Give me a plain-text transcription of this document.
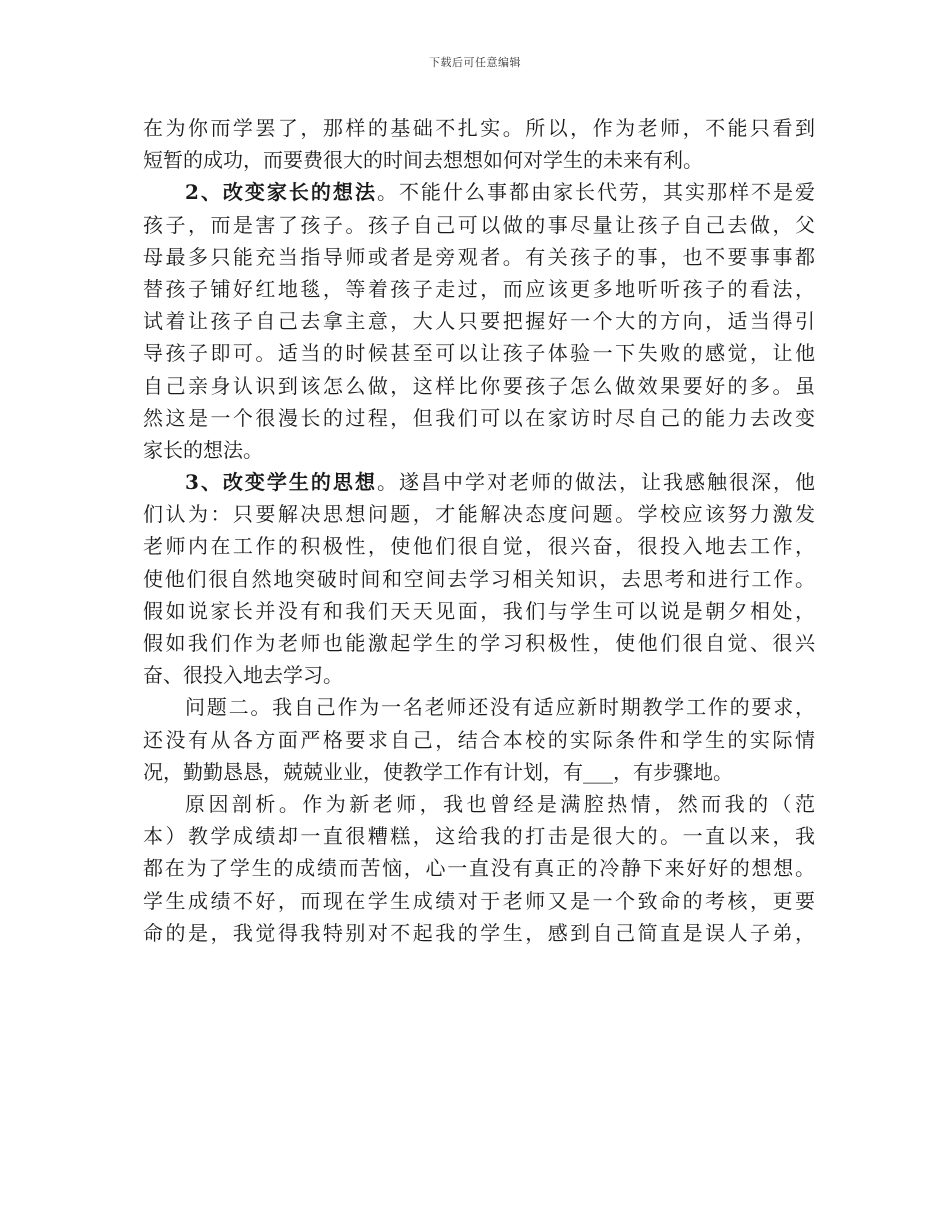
下载后可任意编辑
在为你而学罢了，那样的基础不扎实。所以，作为老师，不能只看到
短暂的成功，而要费很大的时间去想想如何对学生的未来有利。
2、改变家长的想法。不能什么事都由家长代劳，其实那样不是爱
孩子，而是害了孩子。孩子自己可以做的事尽量让孩子自己去做，父
母最多只能充当指导师或者是旁观者。有关孩子的事，也不要事事都
替孩子铺好红地毯，等着孩子走过，而应该更多地听听孩子的看法，
试着让孩子自己去拿主意，大人只要把握好一个大的方向，适当得引
导孩子即可。适当的时候甚至可以让孩子体验一下失败的感觉，让他
自己亲身认识到该怎么做，这样比你要孩子怎么做效果要好的多。虽
然这是一个很漫长的过程，但我们可以在家访时尽自己的能力去改变
家长的想法。
3、改变学生的思想。遂昌中学对老师的做法，让我感触很深，他
们认为：只要解决思想问题，才能解决态度问题。学校应该努力激发
老师内在工作的积极性，使他们很自觉，很兴奋，很投入地去工作，
使他们很自然地突破时间和空间去学习相关知识，去思考和进行工作。
假如说家长并没有和我们天天见面，我们与学生可以说是朝夕相处，
假如我们作为老师也能激起学生的学习积极性，使他们很自觉、很兴
奋、很投入地去学习。
问题二。我自己作为一名老师还没有适应新时期教学工作的要求，
还没有从各方面严格要求自己，结合本校的实际条件和学生的实际情
况，勤勤恳恳，兢兢业业，使教学工作有计划，有___，有步骤地。
原因剖析。作为新老师，我也曾经是满腔热情，然而我的（范
本）教学成绩却一直很糟糕，这给我的打击是很大的。一直以来，我
都在为了学生的成绩而苦恼，心一直没有真正的冷静下来好好的想想。
学生成绩不好，而现在学生成绩对于老师又是一个致命的考核，更要
命的是，我觉得我特别对不起我的学生，感到自己简直是误人子弟，
